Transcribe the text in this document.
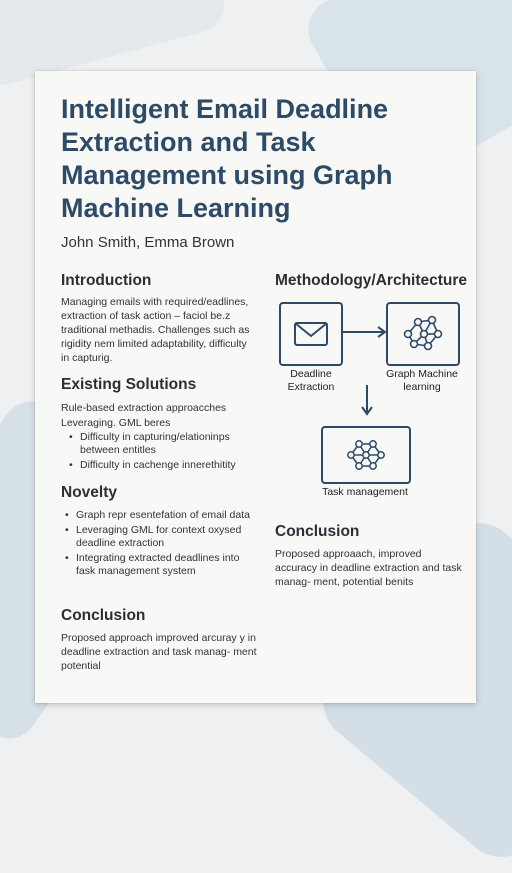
Intelligent Email Deadline Extraction and Task Management using Graph Machine Learning
John Smith, Emma Brown
Introduction

Managing emails with required/eadlines, extraction of task action – faciol be.z traditional methadis. Challenges such as rigidity nem limited adaptability, difficulty in capturig.

Existing Solutions

Rule-based extraction approacches

Leveraging. GML beres

• Difficulty in capturing/elationinps between entitles
• Difficulty in cachenge innerethitity
Novelty
• Graph repr esentefation of email data
• Leveraging GML for context oxysed deadline extraction
• Integrating extracted deadlines into fask management system
Conclusion

Proposed approach improved arcuray y in deadline extraction and task manag- ment potential

Methodology/Architecture
Deadline Extraction
Graph Machine learning
Task management
Conclusion

Proposed approaach, improved accuracy in deadline extraction and task manag- ment, potential benits
